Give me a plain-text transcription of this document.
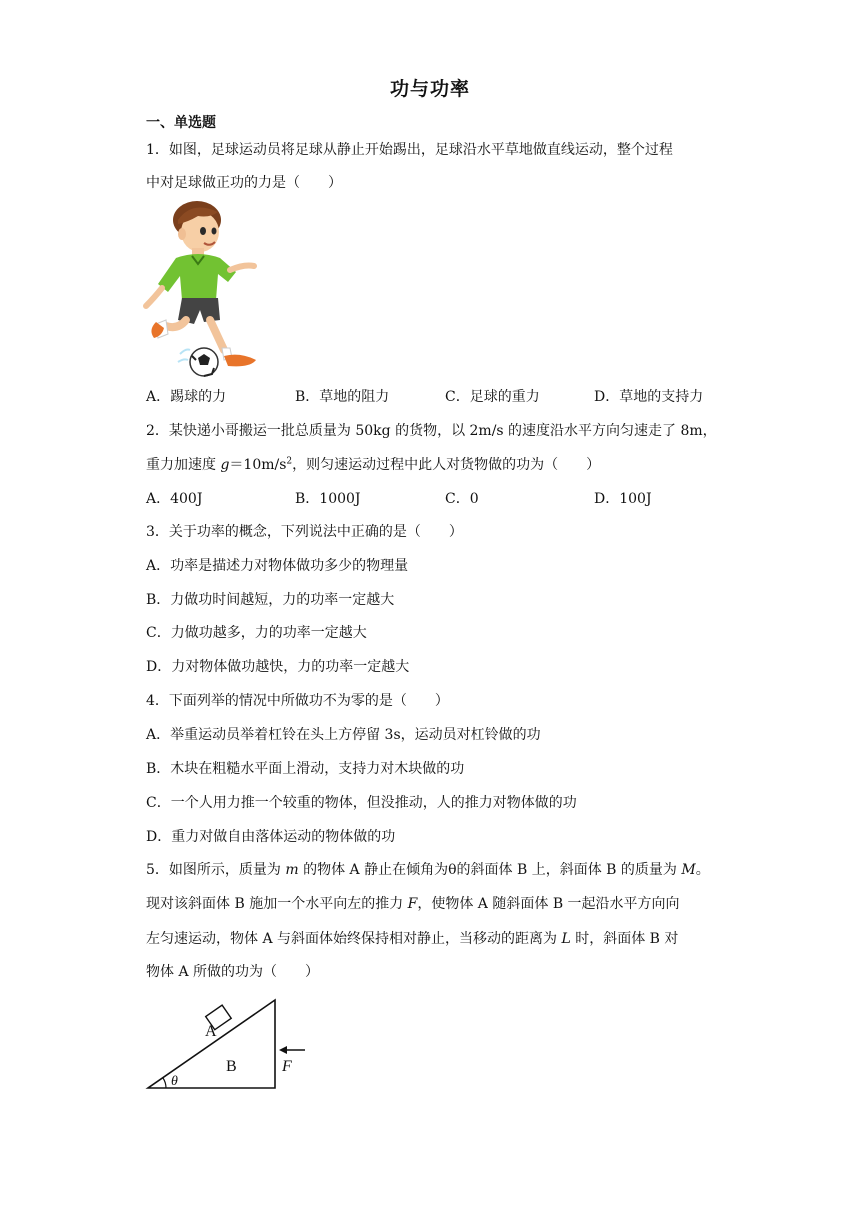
功与功率
一、单选题
1．如图，足球运动员将足球从静止开始踢出，足球沿水平草地做直线运动，整个过程
中对足球做正功的力是（　　）
A．踢球的力	B．草地的阻力	C．足球的重力	D．草地的支持力
2．某快递小哥搬运一批总质量为 50kg 的货物，以 2m/s 的速度沿水平方向匀速走了 8m，
重力加速度 $g=10m/s^2$，则匀速运动过程中此人对货物做的功为（　　）
A．400J	B．1000J	C．0	D．100J
3．关于功率的概念，下列说法中正确的是（　　）
A．功率是描述力对物体做功多少的物理量
B．力做功时间越短，力的功率一定越大
C．力做功越多，力的功率一定越大
D．力对物体做功越快，力的功率一定越大
4．下面列举的情况中所做功不为零的是（　　）
A．举重运动员举着杠铃在头上方停留 3s，运动员对杠铃做的功
B．木块在粗糙水平面上滑动，支持力对木块做的功
C．一个人用力推一个较重的物体，但没推动，人的推力对物体做的功
D．重力对做自由落体运动的物体做的功
5．如图所示，质量为 m 的物体 A 静止在倾角为θ的斜面体 B 上，斜面体 B 的质量为 M。
现对该斜面体 B 施加一个水平向左的推力 F，使物体 A 随斜面体 B 一起沿水平方向向
左匀速运动，物体 A 与斜面体始终保持相对静止，当移动的距离为 L 时，斜面体 B 对
物体 A 所做的功为（　　）
A
B	F
θ
